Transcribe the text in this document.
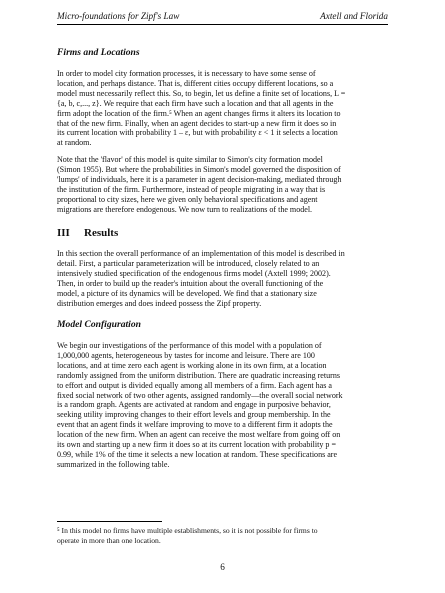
Micro-foundations for Zipf's Law	Axtell and Florida
Firms and Locations
In order to model city formation processes, it is necessary to have some sense of
location, and perhaps distance. That is, different cities occupy different locations, so a
model must necessarily reflect this. So, to begin, let us define a finite set of locations, L =
{a, b, c,..., z}. We require that each firm have such a location and that all agents in the
firm adopt the location of the firm.⁵ When an agent changes firms it alters its location to
that of the new firm. Finally, when an agent decides to start-up a new firm it does so in
its current location with probability 1 – ε, but with probability ε < 1 it selects a location
at random.
Note that the 'flavor' of this model is quite similar to Simon's city formation model
(Simon 1955). But where the probabilities in Simon's model governed the disposition of
'lumps' of individuals, here it is a parameter in agent decision-making, mediated through
the institution of the firm. Furthermore, instead of people migrating in a way that is
proportional to city sizes, here we given only behavioral specifications and agent
migrations are therefore endogenous. We now turn to realizations of the model.
III Results
In this section the overall performance of an implementation of this model is described in
detail. First, a particular parameterization will be introduced, closely related to an
intensively studied specification of the endogenous firms model (Axtell 1999; 2002).
Then, in order to build up the reader's intuition about the overall functioning of the
model, a picture of its dynamics will be developed. We find that a stationary size
distribution emerges and does indeed possess the Zipf property.
Model Configuration
We begin our investigations of the performance of this model with a population of
1,000,000 agents, heterogeneous by tastes for income and leisure. There are 100
locations, and at time zero each agent is working alone in its own firm, at a location
randomly assigned from the uniform distribution. There are quadratic increasing returns
to effort and output is divided equally among all members of a firm. Each agent has a
fixed social network of two other agents, assigned randomly—the overall social network
is a random graph. Agents are activated at random and engage in purposive behavior,
seeking utility improving changes to their effort levels and group membership. In the
event that an agent finds it welfare improving to move to a different firm it adopts the
location of the new firm. When an agent can receive the most welfare from going off on
its own and starting up a new firm it does so at its current location with probability p =
0.99, while 1% of the time it selects a new location at random. These specifications are
summarized in the following table.
⁵ In this model no firms have multiple establishments, so it is not possible for firms to
operate in more than one location.
6
